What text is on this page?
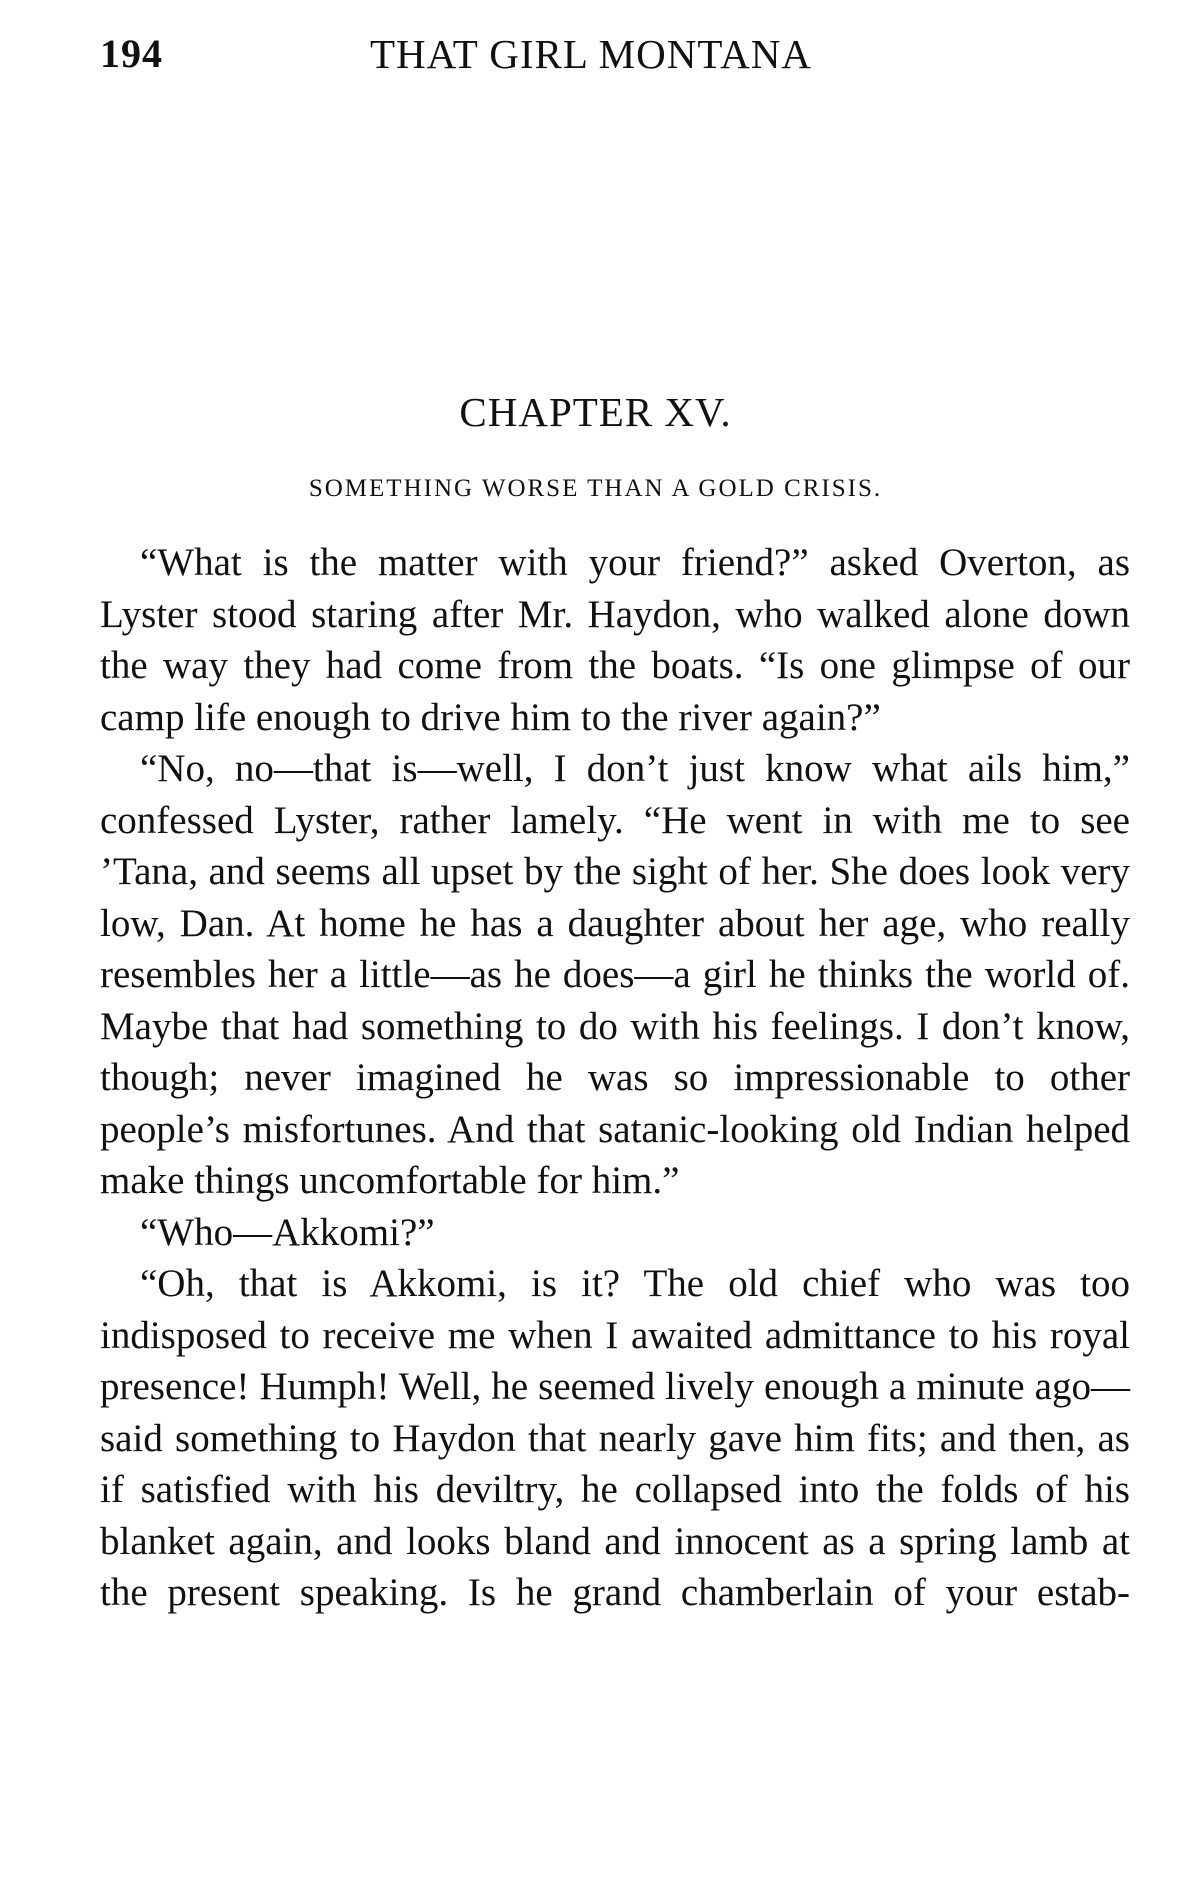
194	THAT GIRL MONTANA
CHAPTER XV.
SOMETHING WORSE THAN A GOLD CRISIS.

“What is the matter with your friend?” asked Overton, as Lyster stood staring after Mr. Haydon, who walked alone down the way they had come from the boats. “Is one glimpse of our camp life enough to drive him to the river again?”

“No, no—that is—well, I don’t just know what ails him,” confessed Lyster, rather lamely. “He went in with me to see ’Tana, and seems all upset by the sight of her. She does look very low, Dan. At home he has a daughter about her age, who really resembles her a little—as he does—a girl he thinks the world of. Maybe that had something to do with his feelings. I don’t know, though; never imagined he was so impressionable to other people’s misfortunes. And that satanic-looking old Indian helped make things uncomfortable for him.”

“Who—Akkomi?”

“Oh, that is Akkomi, is it? The old chief who was too indisposed to receive me when I awaited admittance to his royal presence! Humph! Well, he seemed lively enough a minute ago—said something to Haydon that nearly gave him fits; and then, as if satisfied with his deviltry, he collapsed into the folds of his blanket again, and looks bland and innocent as a spring lamb at the present speaking. Is he grand chamberlain of your estab-
